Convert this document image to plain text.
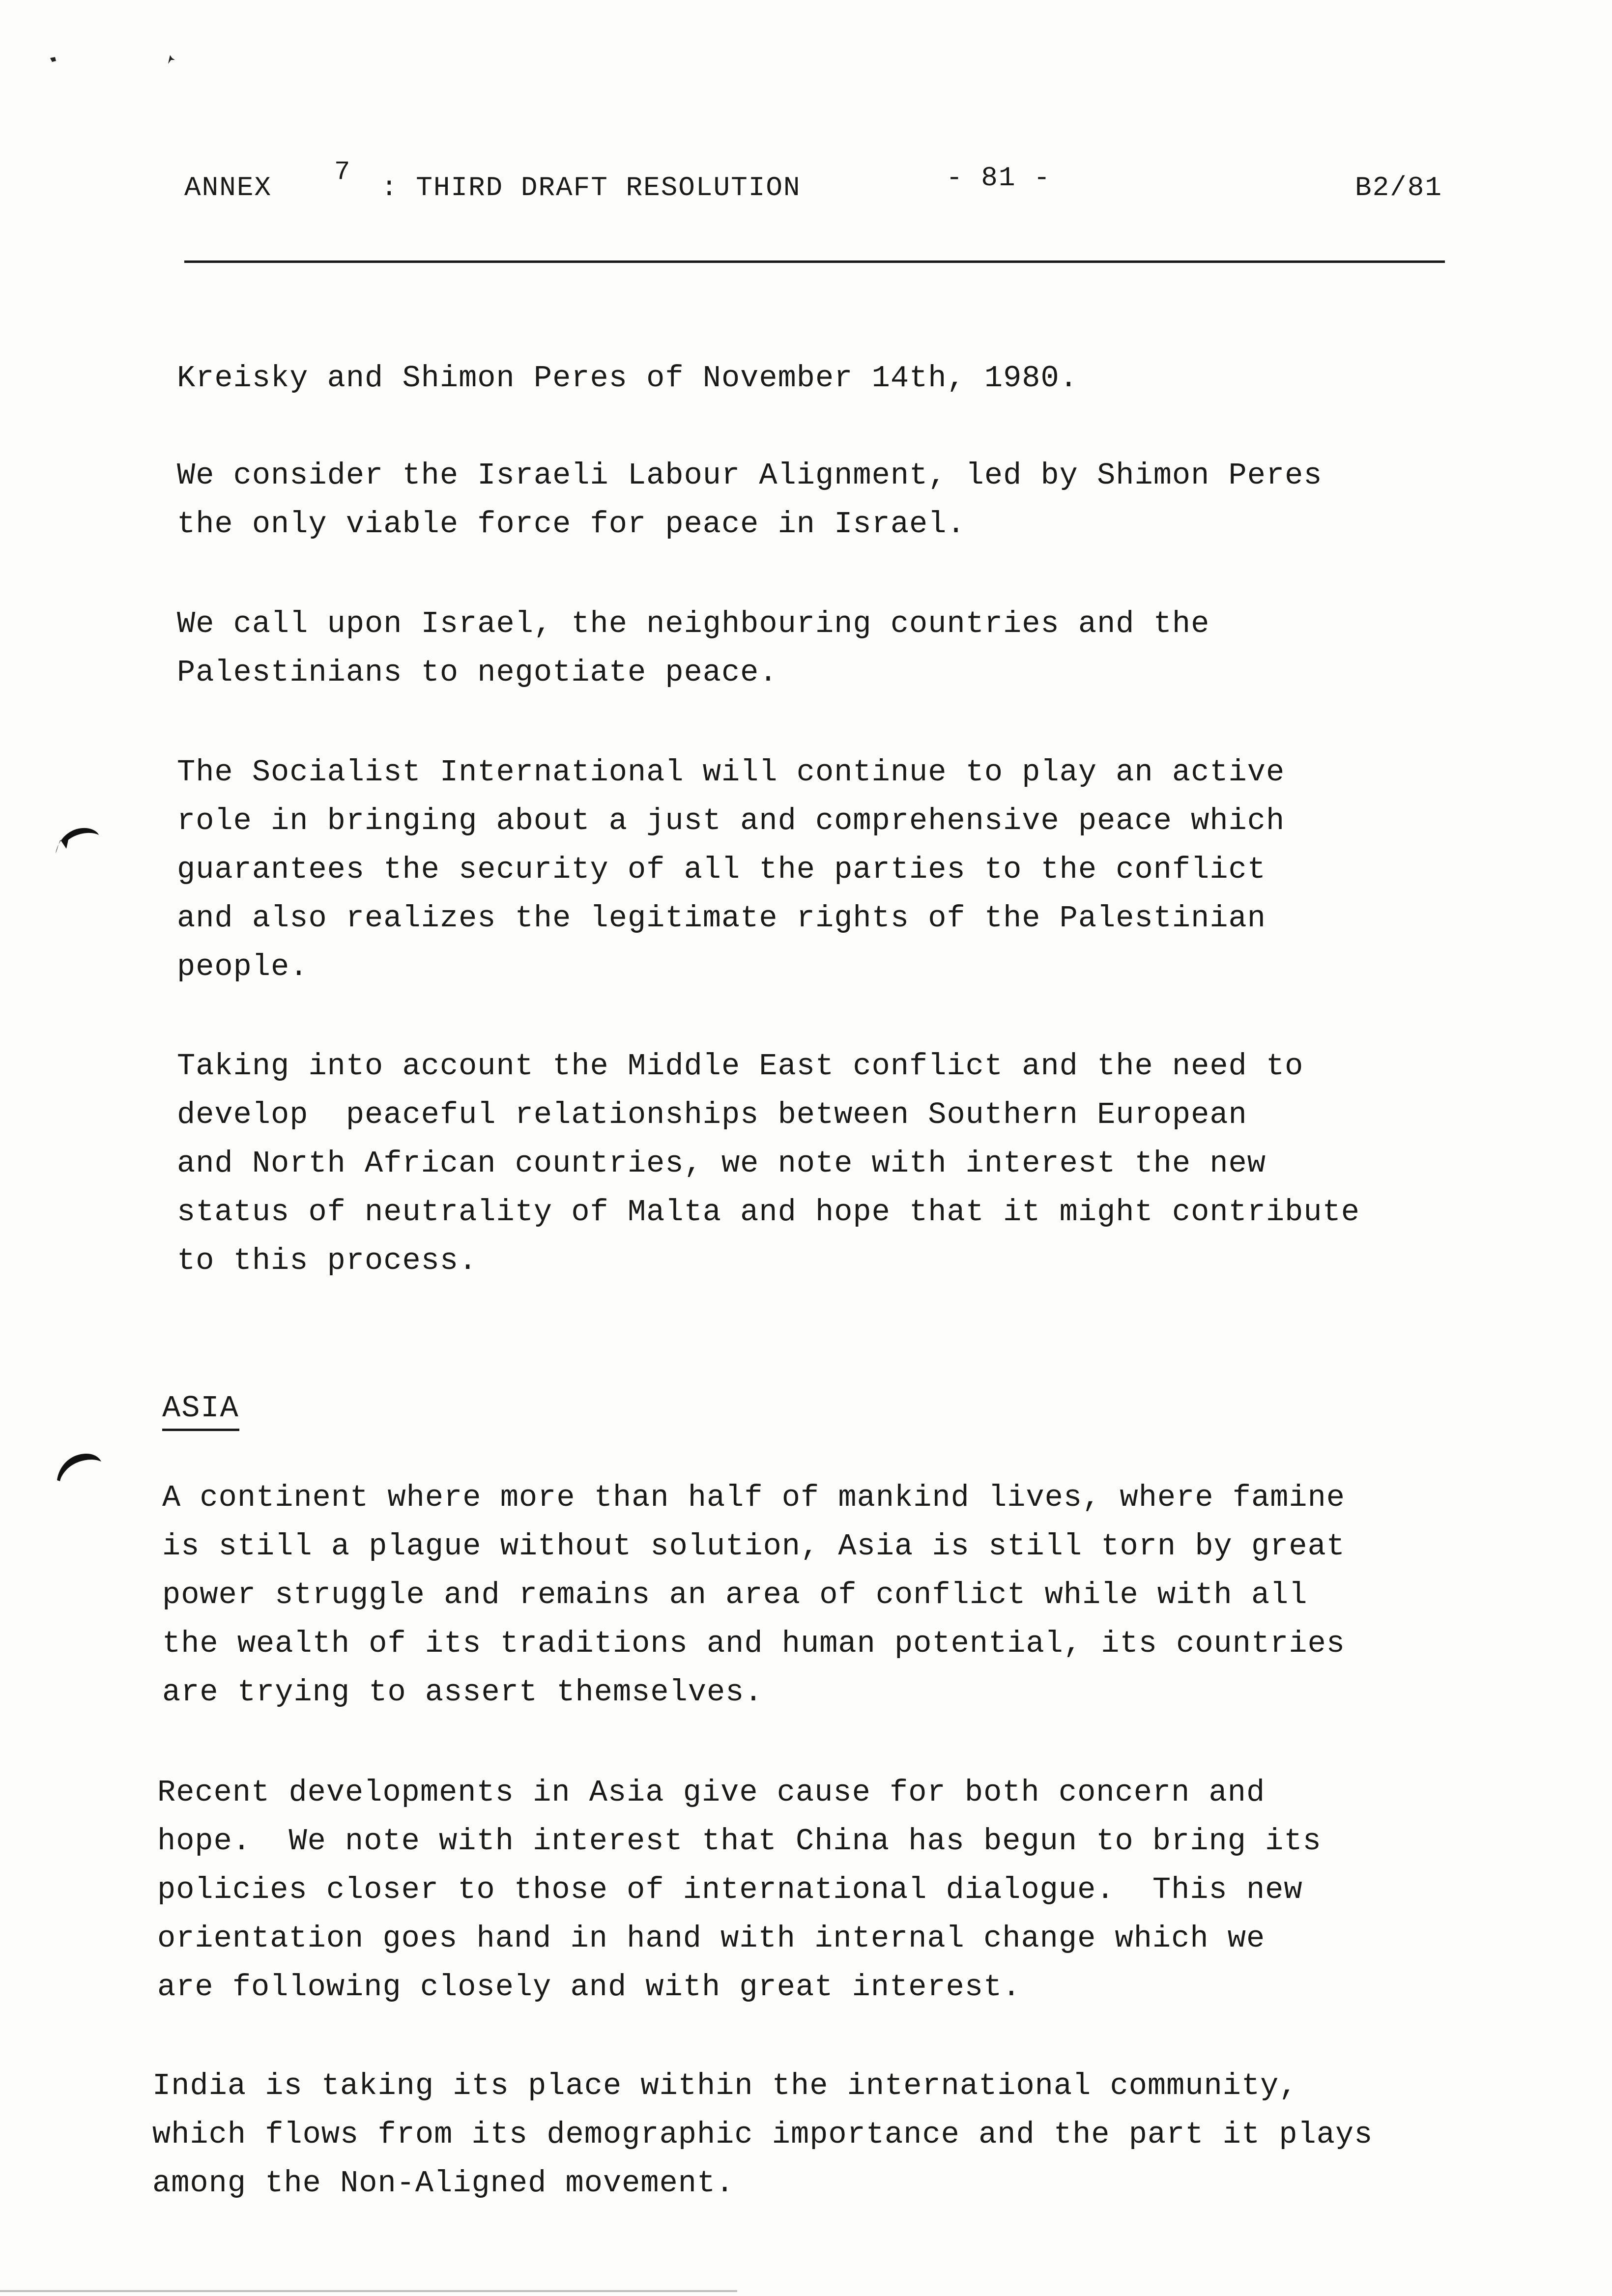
ANNEX 7 : THIRD DRAFT RESOLUTION	- 81 -	B2/81

Kreisky and Shimon Peres of November 14th, 1980.

We consider the Israeli Labour Alignment, led by Shimon Peres
the only viable force for peace in Israel.

We call upon Israel, the neighbouring countries and the
Palestinians to negotiate peace.

The Socialist International will continue to play an active
role in bringing about a just and comprehensive peace which
guarantees the security of all the parties to the conflict
and also realizes the legitimate rights of the Palestinian
people.

Taking into account the Middle East conflict and the need to
develop  peaceful relationships between Southern European
and North African countries, we note with interest the new
status of neutrality of Malta and hope that it might contribute
to this process.

ASIA

A continent where more than half of mankind lives, where famine
is still a plague without solution, Asia is still torn by great
power struggle and remains an area of conflict while with all
the wealth of its traditions and human potential, its countries
are trying to assert themselves.

Recent developments in Asia give cause for both concern and
hope.  We note with interest that China has begun to bring its
policies closer to those of international dialogue.  This new
orientation goes hand in hand with internal change which we
are following closely and with great interest.

India is taking its place within the international community,
which flows from its demographic importance and the part it plays
among the Non-Aligned movement.
